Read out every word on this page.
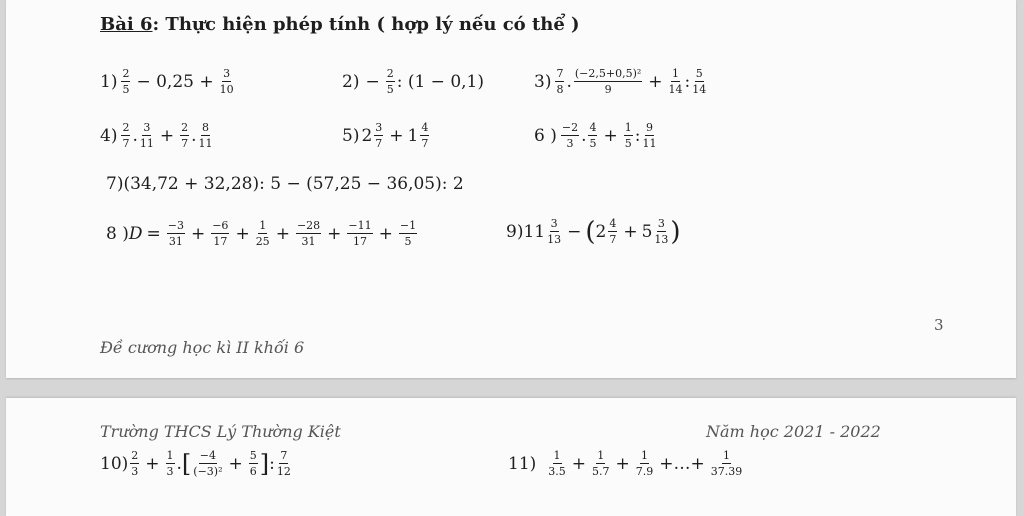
Bài 6: Thực hiện phép tính ( hợp lý nếu có thể )
$1) \frac{2}{5} - 0,25 + \frac{3}{10}$	$2) - \frac{2}{5}$ : (1 − 0,1)	$3) \frac{7}{8}$ . $\frac{\text{(−2,5+0,5)²}}{9} + \frac{1}{14}$ : $\frac{5}{14}$
$4) \frac{2}{7}$ . $\frac{3}{11} + \frac{2}{7}$ . $\frac{8}{11}$	5) $2 \frac{3}{7} + 1 \frac{4}{7}$	6 ) $\frac{-2}{3}$ . $\frac{4}{5} + \frac{1}{5}$ : $\frac{9}{11}$
7)(34,72 + 32,28): 5 − (57,25 − 36,05): 2
8 ) $D = \frac{-3}{31} + \frac{-6}{17} + \frac{1}{25} + \frac{-28}{31} + \frac{-11}{17} + \frac{-1}{5}$	9) $11 \frac{3}{13}$ − ( $2 \frac{4}{7} + 5 \frac{3}{13}$ )
3
Đề cương học kì II khối 6
Trường THCS Lý Thường Kiệt	Năm học 2021 - 2022
$10) \frac{2}{3} + \frac{1}{3}$ . [ $\frac{-4}{\text{(−3)²}} + \frac{5}{6}$ ] : $\frac{7}{12}$	$11) \frac{1}{3.5} + \frac{1}{5.7} + \frac{1}{7.9}$ +…+ $\frac{1}{37.39}$
